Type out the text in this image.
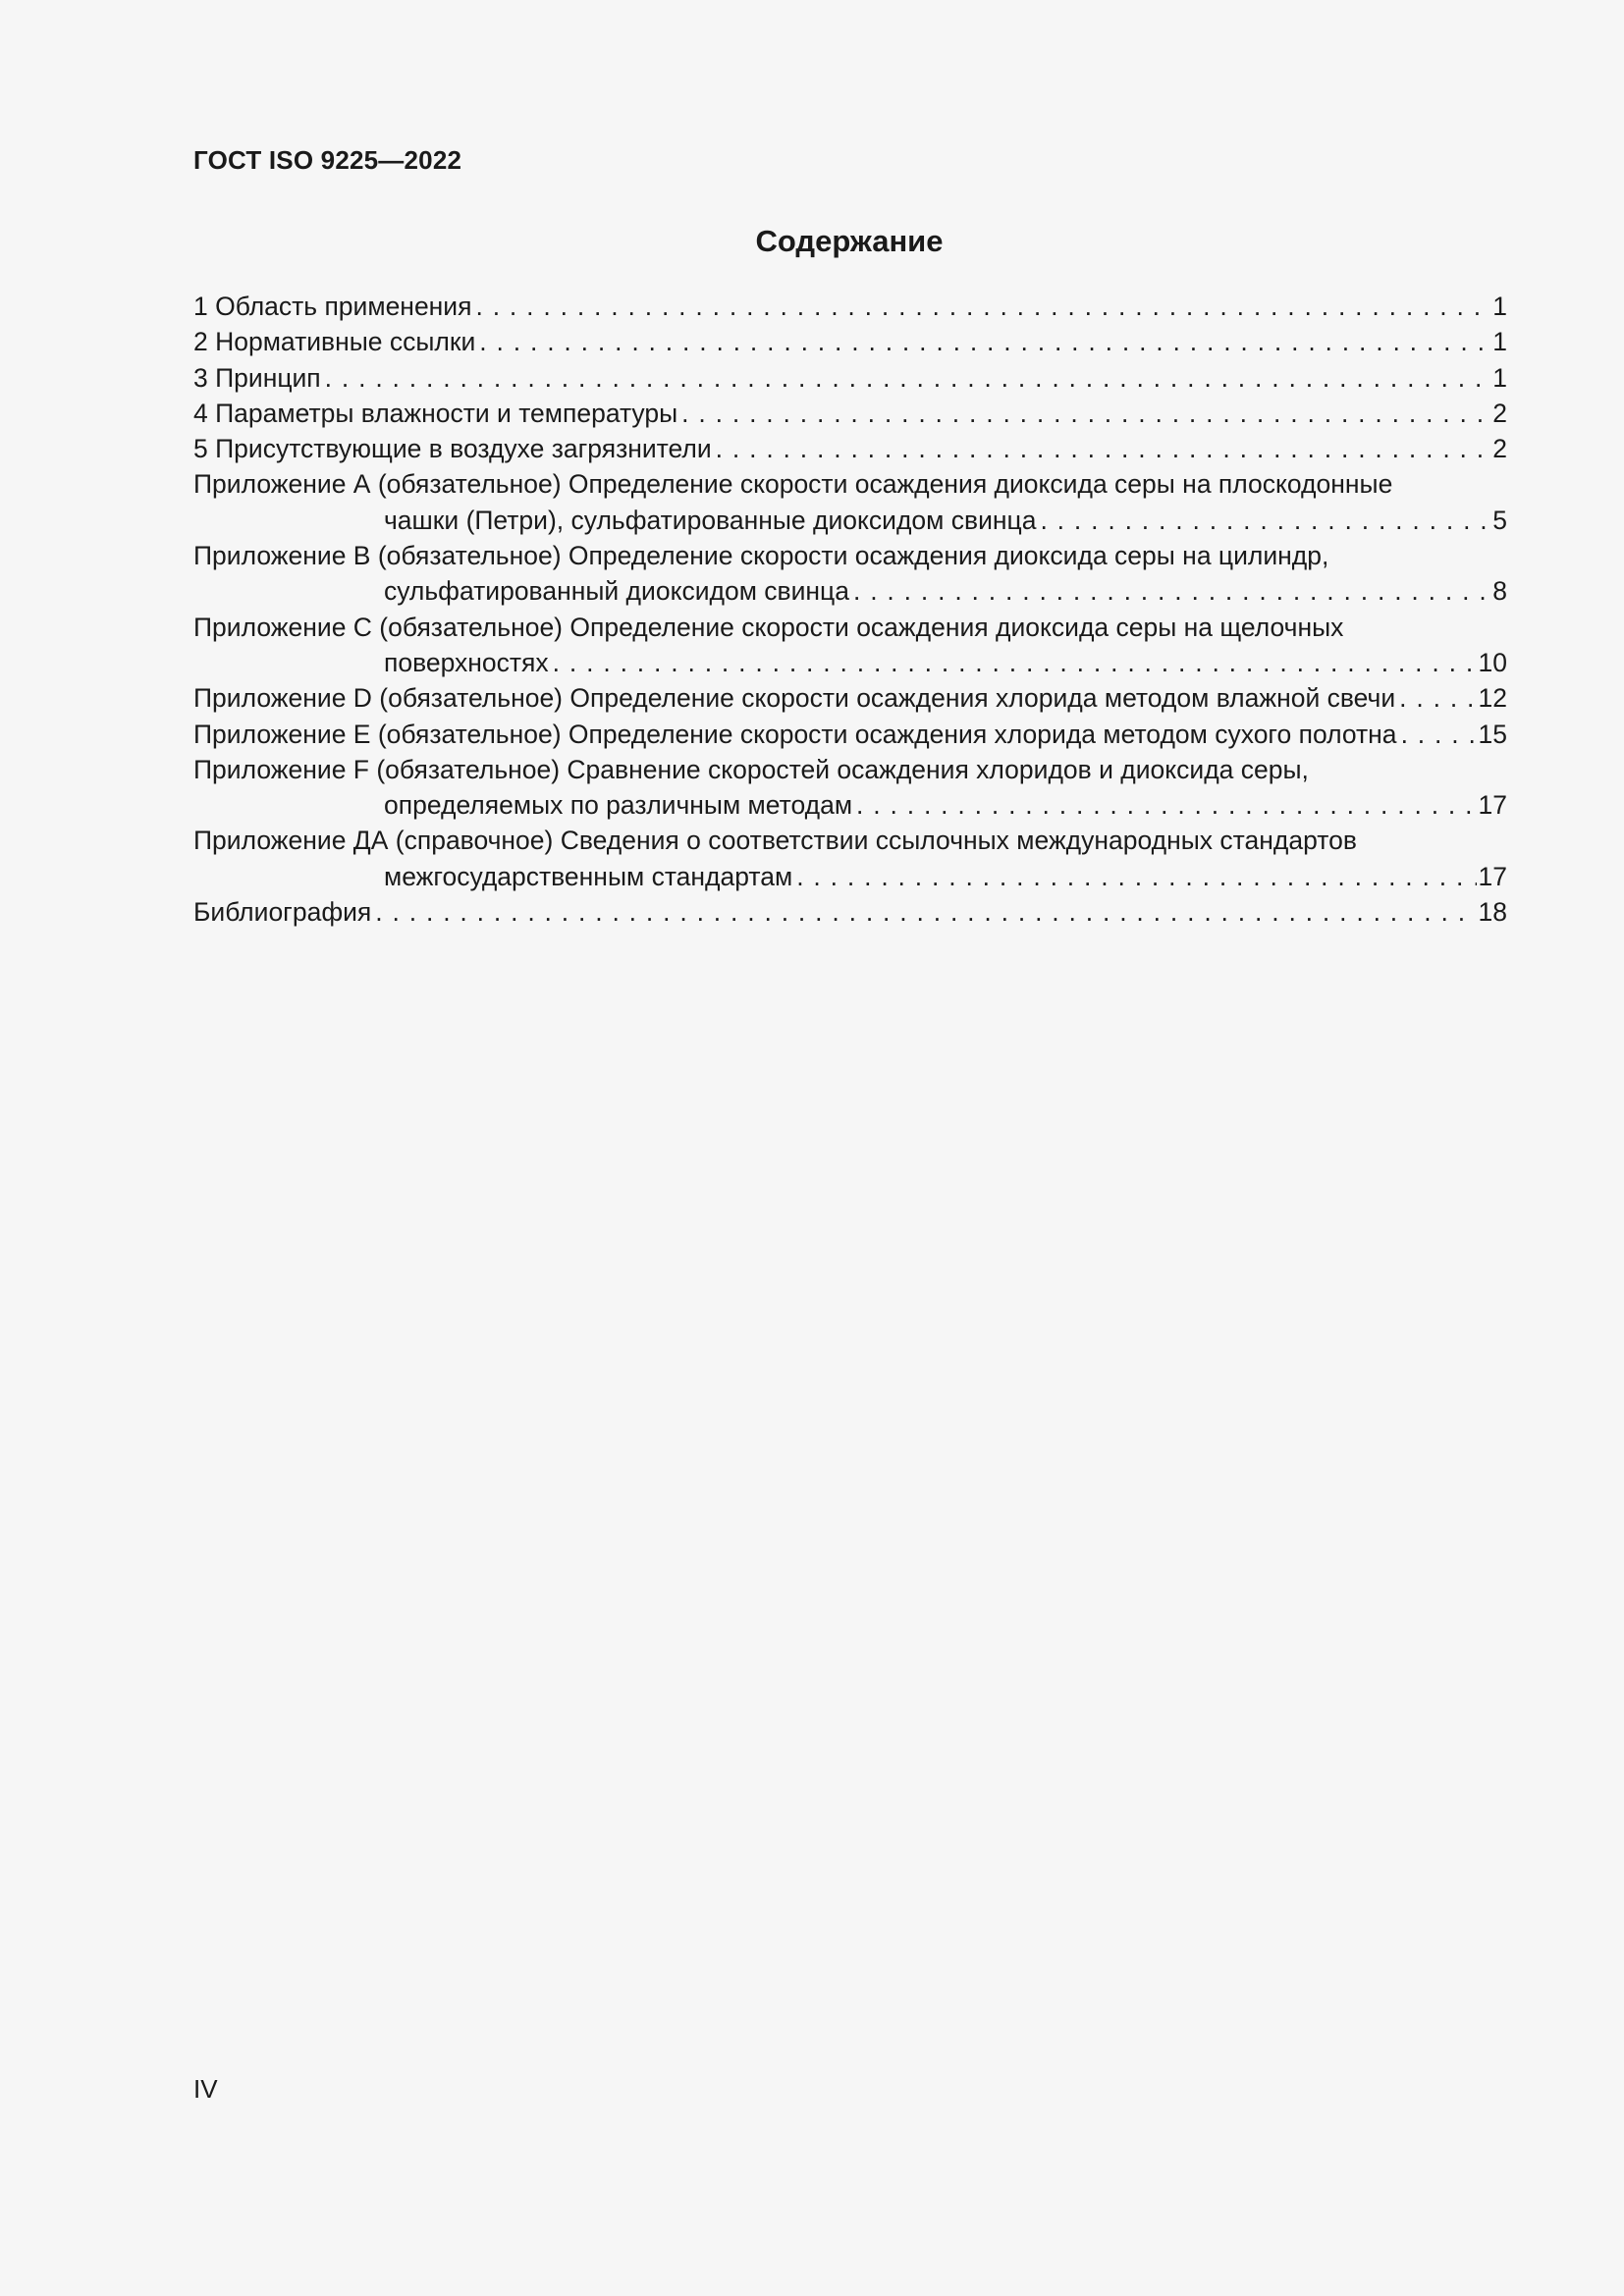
ГОСТ ISO 9225—2022
Содержание
1 Область применения . . .	1
2 Нормативные ссылки . . .	1
3 Принцип . . .	1
4 Параметры влажности и температуры . . .	2
5 Присутствующие в воздухе загрязнители . . .	2
Приложение А (обязательное) Определение скорости осаждения диоксида серы на плоскодонные
чашки (Петри), сульфатированные диоксидом свинца . . .	5
Приложение В (обязательное) Определение скорости осаждения диоксида серы на цилиндр,
сульфатированный диоксидом свинца . . .	8
Приложение С (обязательное) Определение скорости осаждения диоксида серы на щелочных
поверхностях . . .	10
Приложение D (обязательное) Определение скорости осаждения хлорида методом влажной свечи . . .	12
Приложение Е (обязательное) Определение скорости осаждения хлорида методом сухого полотна . . .	15
Приложение F (обязательное) Сравнение скоростей осаждения хлоридов и диоксида серы,
определяемых по различным методам . . .	17
Приложение ДА (справочное) Сведения о соответствии ссылочных международных стандартов
межгосударственным стандартам . . .	17
Библиография . . .	18
IV
